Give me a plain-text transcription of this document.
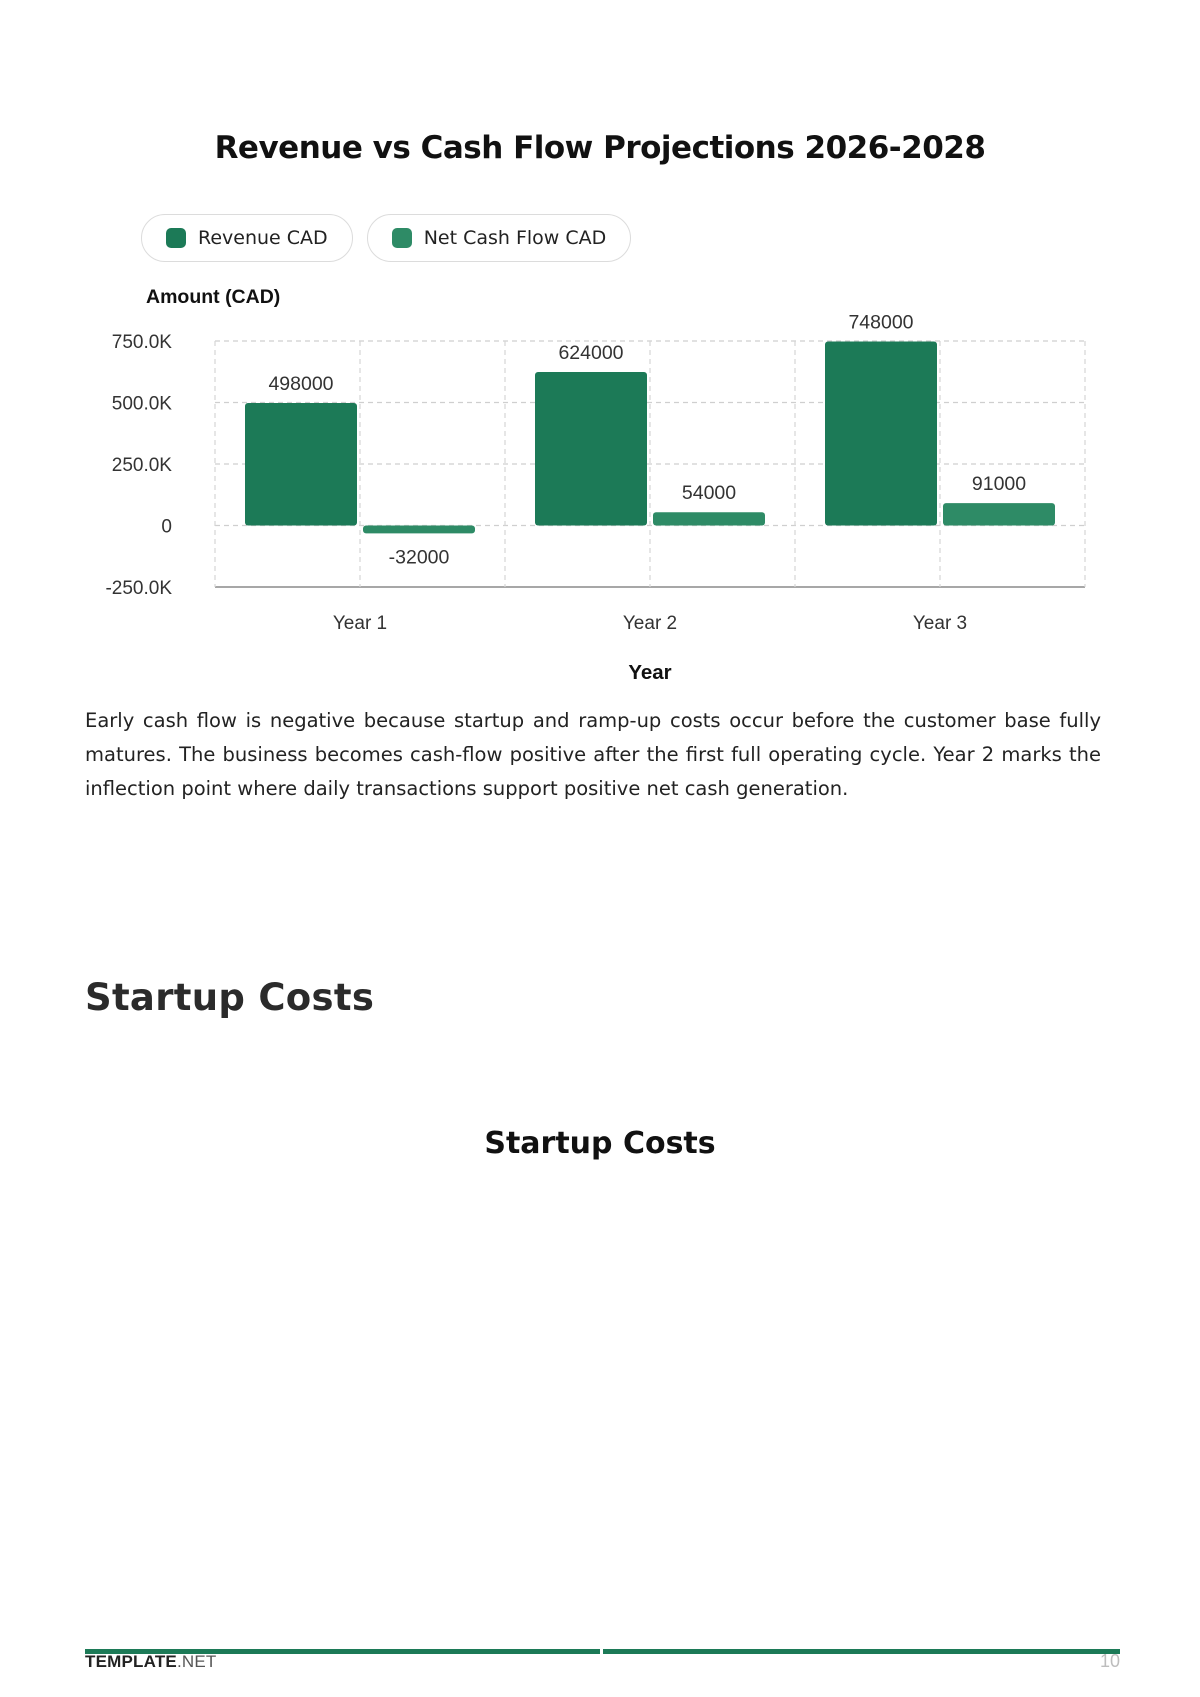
Revenue vs Cash Flow Projections 2026-2028
Revenue CAD	Net Cash Flow CAD
750.0K
500.0K
250.0K
0
-250.0K
498000
-32000
Year 1
624000
54000
Year 2
748000
91000
Year 3
Amount (CAD)
Year

Early cash flow is negative because startup and ramp-up costs occur before the customer base fully matures. The business becomes cash-flow positive after the first full operating cycle. Year 2 marks the inflection point where daily transactions support positive net cash generation.

Startup Costs
Startup Costs
TEMPLATE.NET	10
